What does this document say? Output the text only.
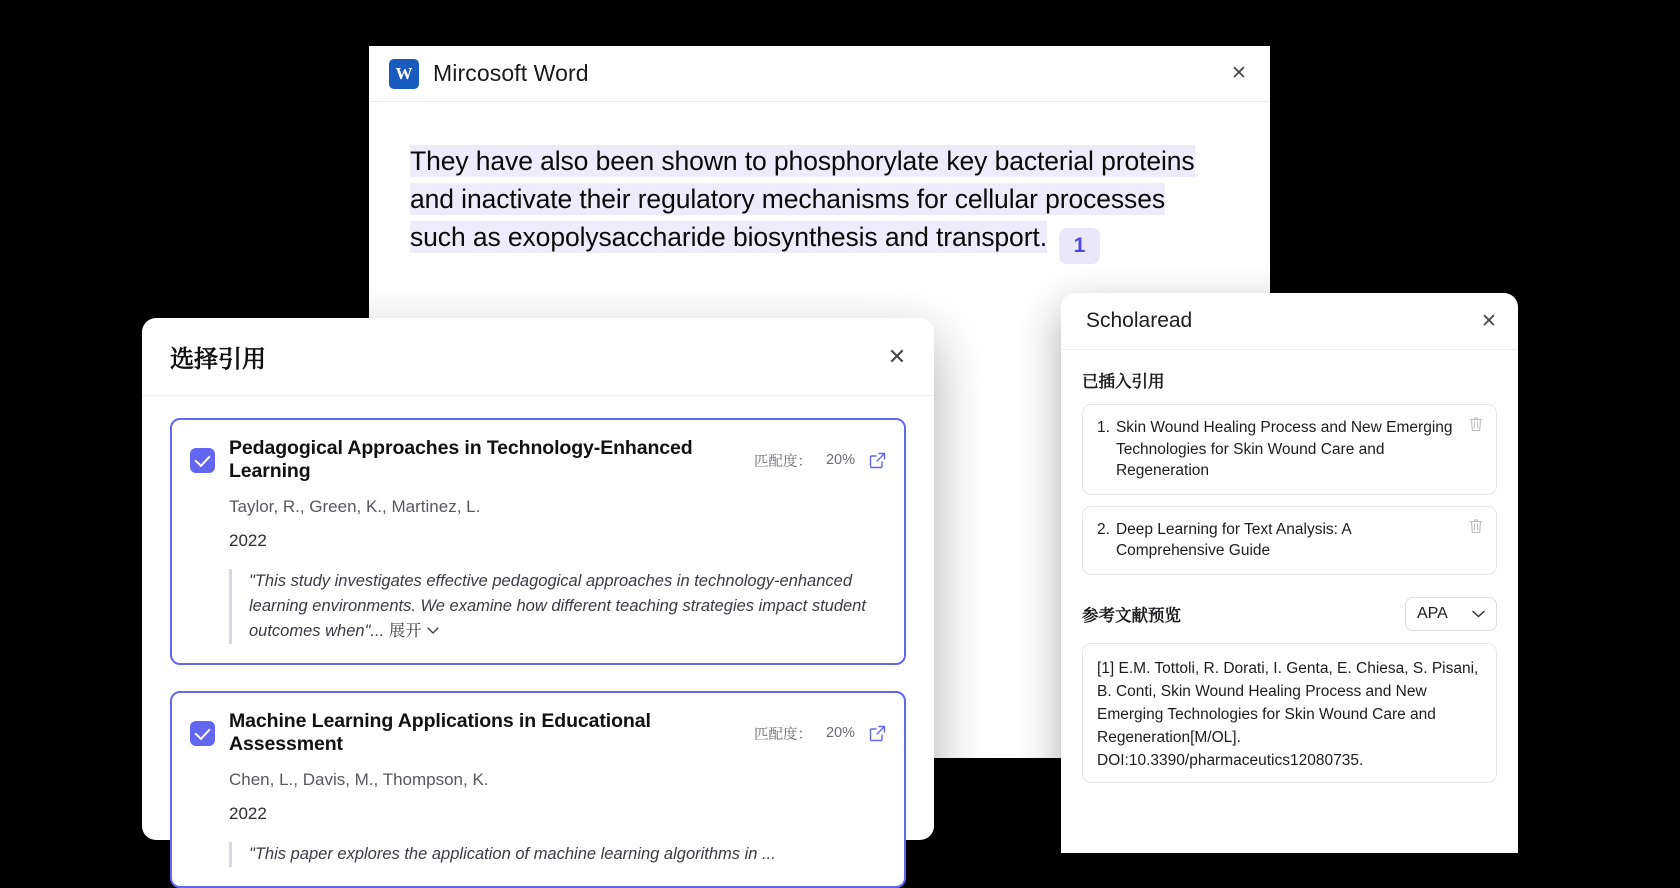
W
Mircosoft Word	✕
They have also been shown to phosphorylate key bacterial proteins and inactivate their regulatory mechanisms for cellular processes such as exopolysaccharide biosynthesis and transport. 1
Scholaread	✕
已插入引用
1. Skin Wound Healing Process and New Emerging Technologies for Skin Wound Care and Regeneration
2. Deep Learning for Text Analysis: A Comprehensive Guide
参考文献预览	APA
[1] E.M. Tottoli, R. Dorati, I. Genta, E. Chiesa, S. Pisani, B. Conti, Skin Wound Healing Process and New Emerging Technologies for Skin Wound Care and Regeneration[M/OL]. DOI:10.3390/pharmaceutics12080735.
选择引用	✕
Pedagogical Approaches in Technology-Enhanced Learning	匹配度： 20%
Taylor, R., Green, K., Martinez, L.
2022
"This study investigates effective pedagogical approaches in technology-enhanced learning environments. We examine how different teaching strategies impact student outcomes when"... 展开
Machine Learning Applications in Educational Assessment	匹配度： 20%
Chen, L., Davis, M., Thompson, K.
2022
"This paper explores the application of machine learning algorithms in ...
